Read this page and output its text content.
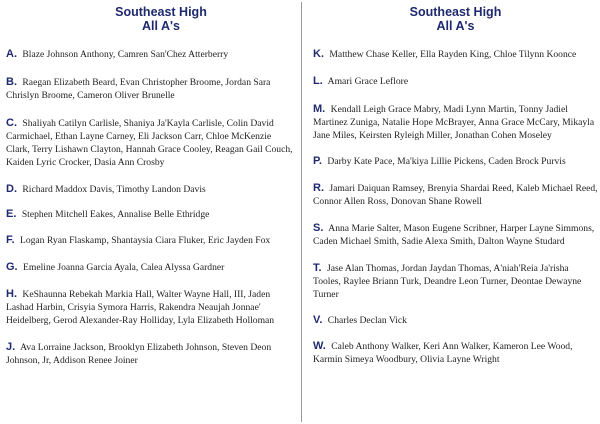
Southeast High
All A's
A. Blaze Johnson Anthony, Camren San'Chez Atterberry
B. Raegan Elizabeth Beard, Evan Christopher Broome, Jordan Sara Chrislyn Broome, Cameron Oliver Brunelle
C. Shaliyah Catilyn Carlisle, Shaniya Ja'Kayla Carlisle, Colin David Carmichael, Ethan Layne Carney, Eli Jackson Carr, Chloe McKenzie Clark, Terry Lishawn Clayton, Hannah Grace Cooley, Reagan Gail Couch, Kaiden Lyric Crocker, Dasia Ann Crosby
D. Richard Maddox Davis, Timothy Landon Davis
E. Stephen Mitchell Eakes, Annalise Belle Ethridge
F. Logan Ryan Flaskamp, Shantaysia Ciara Fluker, Eric Jayden Fox
G. Emeline Joanna Garcia Ayala, Calea Alyssa Gardner
H. KeShaunna Rebekah Markia Hall, Walter Wayne Hall, III, Jaden Lashad Harbin, Crisyia Symora Harris, Rakendra Neaujah Jonnae' Heidelberg, Gerod Alexander-Ray Holliday, Lyla Elizabeth Holloman
J. Ava Lorraine Jackson, Brooklyn Elizabeth Johnson, Steven Deon Johnson, Jr, Addison Renee Joiner
Southeast High
All A's
K. Matthew Chase Keller, Ella Rayden King, Chloe Tilynn Koonce
L. Amari Grace Leflore
M. Kendall Leigh Grace Mabry, Madi Lynn Martin, Tonny Jadiel Martinez Zuniga, Natalie Hope McBrayer, Anna Grace McCary, Mikayla Jane Miles, Keirsten Ryleigh Miller, Jonathan Cohen Moseley
P. Darby Kate Pace, Ma'kiya Lillie Pickens, Caden Brock Purvis
R. Jamari Daiquan Ramsey, Brenyia Shardai Reed, Kaleb Michael Reed, Connor Allen Ross, Donovan Shane Rowell
S. Anna Marie Salter, Mason Eugene Scribner, Harper Layne Simmons, Caden Michael Smith, Sadie Alexa Smith, Dalton Wayne Studard
T. Jase Alan Thomas, Jordan Jaydan Thomas, A'niah'Reia Ja'risha Tooles, Raylee Briann Turk, Deandre Leon Turner, Deontae Dewayne Turner
V. Charles Declan Vick
W. Caleb Anthony Walker, Keri Ann Walker, Kameron Lee Wood, Karmin Simeya Woodbury, Olivia Layne Wright
